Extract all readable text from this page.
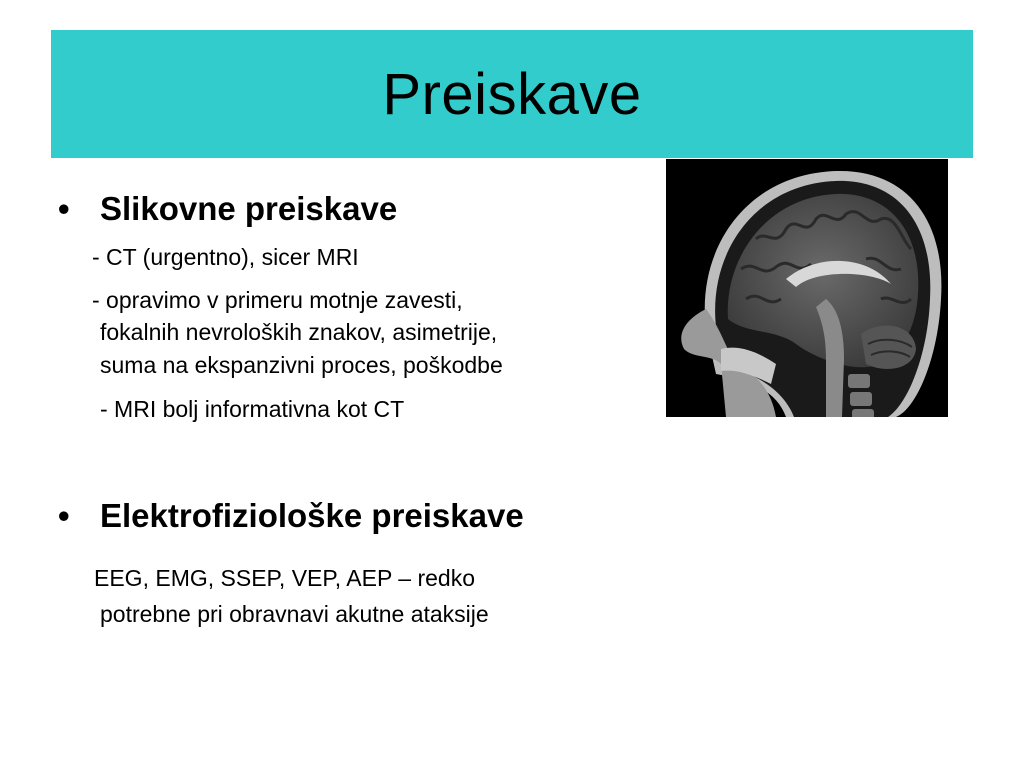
Preiskave
• Slikovne preiskave
- CT (urgentno), sicer MRI
- opravimo v primeru motnje zavesti,
fokalnih nevroloških znakov, asimetrije,
suma na ekspanzivni proces, poškodbe
- MRI bolj informativna kot CT
• Elektrofiziološke preiskave
EEG, EMG, SSEP, VEP, AEP – redko
potrebne pri obravnavi akutne ataksije
